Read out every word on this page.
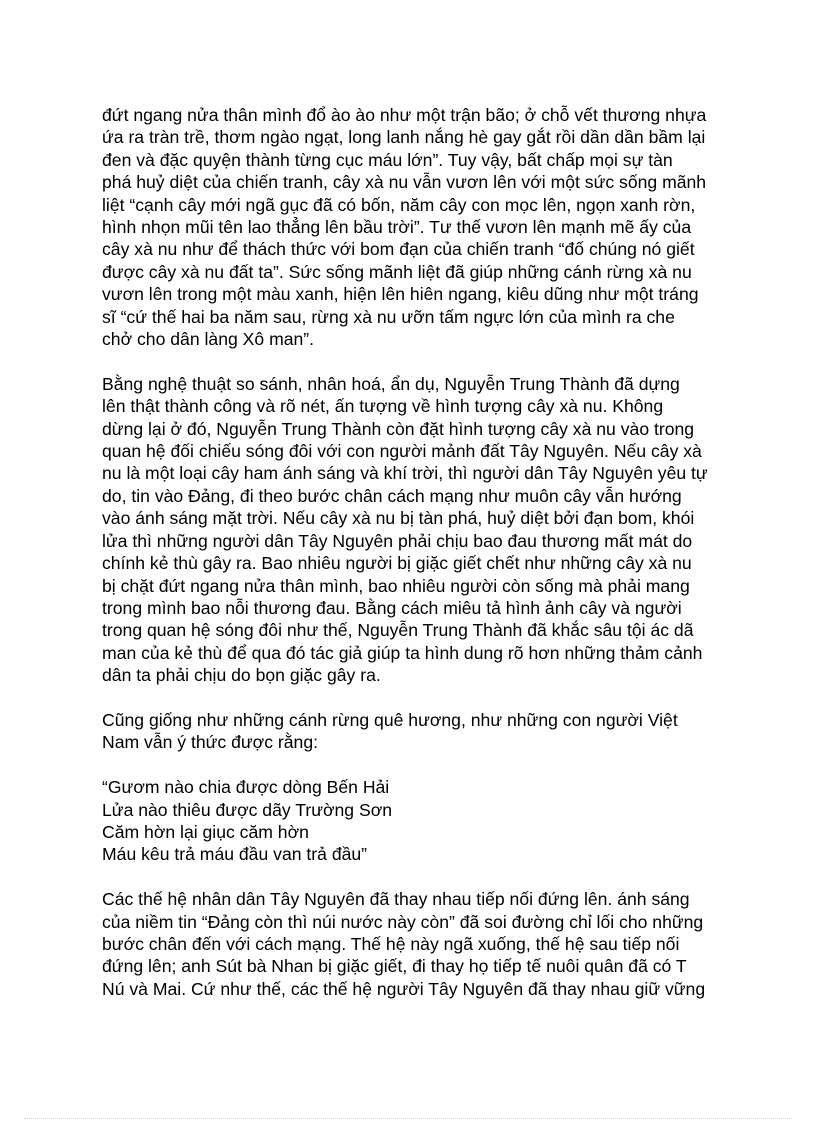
đứt ngang nửa thân mình đổ ào ào như một trận bão; ở chỗ vết thương nhựa
ứa ra tràn trề, thơm ngào ngạt, long lanh nắng hè gay gắt rồi dần dần bầm lại
đen và đặc quyện thành từng cục máu lớn”. Tuy vậy, bất chấp mọi sự tàn
phá huỷ diệt của chiến tranh, cây xà nu vẫn vươn lên với một sức sống mãnh
liệt “cạnh cây mới ngã gục đã có bốn, năm cây con mọc lên, ngọn xanh rờn,
hình nhọn mũi tên lao thẳng lên bầu trời”. Tư thế vươn lên mạnh mẽ ấy của
cây xà nu như để thách thức với bom đạn của chiến tranh “đố chúng nó giết
được cây xà nu đất ta”. Sức sống mãnh liệt đã giúp những cánh rừng xà nu
vươn lên trong một màu xanh, hiện lên hiên ngang, kiêu dũng như một tráng
sĩ “cứ thế hai ba năm sau, rừng xà nu ưỡn tấm ngực lớn của mình ra che
chở cho dân làng Xô man”.

Bằng nghệ thuật so sánh, nhân hoá, ẩn dụ, Nguyễn Trung Thành đã dựng
lên thật thành công và rõ nét, ấn tượng về hình tượng cây xà nu. Không
dừng lại ở đó, Nguyễn Trung Thành còn đặt hình tượng cây xà nu vào trong
quan hệ đối chiếu sóng đôi với con người mảnh đất Tây Nguyên. Nếu cây xà
nu là một loại cây ham ánh sáng và khí trời, thì người dân Tây Nguyên yêu tự
do, tin vào Đảng, đi theo bước chân cách mạng như muôn cây vẫn hướng
vào ánh sáng mặt trời. Nếu cây xà nu bị tàn phá, huỷ diệt bởi đạn bom, khói
lửa thì những người dân Tây Nguyên phải chịu bao đau thương mất mát do
chính kẻ thù gây ra. Bao nhiêu người bị giặc giết chết như những cây xà nu
bị chặt đứt ngang nửa thân mình, bao nhiêu người còn sống mà phải mang
trong mình bao nỗi thương đau. Bằng cách miêu tả hình ảnh cây và người
trong quan hệ sóng đôi như thế, Nguyễn Trung Thành đã khắc sâu tội ác dã
man của kẻ thù để qua đó tác giả giúp ta hình dung rõ hơn những thảm cảnh
dân ta phải chịu do bọn giặc gây ra.

Cũng giống như những cánh rừng quê hương, như những con người Việt
Nam vẫn ý thức được rằng:

“Gươm nào chia được dòng Bến Hải
Lửa nào thiêu được dãy Trường Sơn
Căm hờn lại giục căm hờn
Máu kêu trả máu đầu van trả đầu”

Các thế hệ nhân dân Tây Nguyên đã thay nhau tiếp nối đứng lên. ánh sáng
của niềm tin “Đảng còn thì núi nước này còn” đã soi đường chỉ lối cho những
bước chân đến với cách mạng. Thế hệ này ngã xuống, thế hệ sau tiếp nối
đứng lên; anh Sút bà Nhan bị giặc giết, đi thay họ tiếp tế nuôi quân đã có T
Nú và Mai. Cứ như thế, các thế hệ người Tây Nguyên đã thay nhau giữ vững
